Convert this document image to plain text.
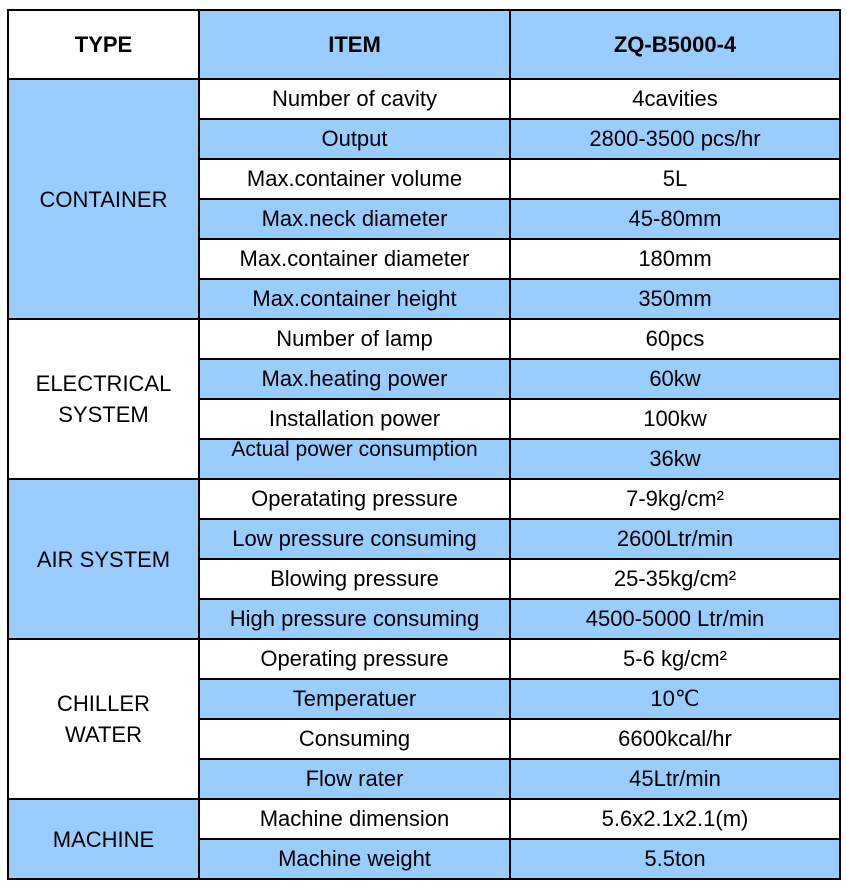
TYPE	ITEM	ZQ-B5000-4

CONTAINER	Number of cavity	4cavities
	Output	2800-3500 pcs/hr
	Max.container volume	5L
	Max.neck diameter	45-80mm
	Max.container diameter	180mm
	Max.container height	350mm

ELECTRICAL
SYSTEM	Number of lamp	60pcs
	Max.heating power	60kw
	Installation power	100kw

	Actual power consumption	36kw

AIR SYSTEM	Operatating pressure	7-9kg/cm²
	Low pressure consuming	2600Ltr/min
	Blowing pressure	25-35kg/cm²
	High pressure consuming	4500-5000 Ltr/min

CHILLER
WATER	Operating pressure	5-6 kg/cm²
	Temperatuer	10℃
	Consuming	6600kcal/hr
	Flow rater	45Ltr/min

MACHINE	Machine dimension	5.6x2.1x2.1(m)
	Machine weight	5.5ton
